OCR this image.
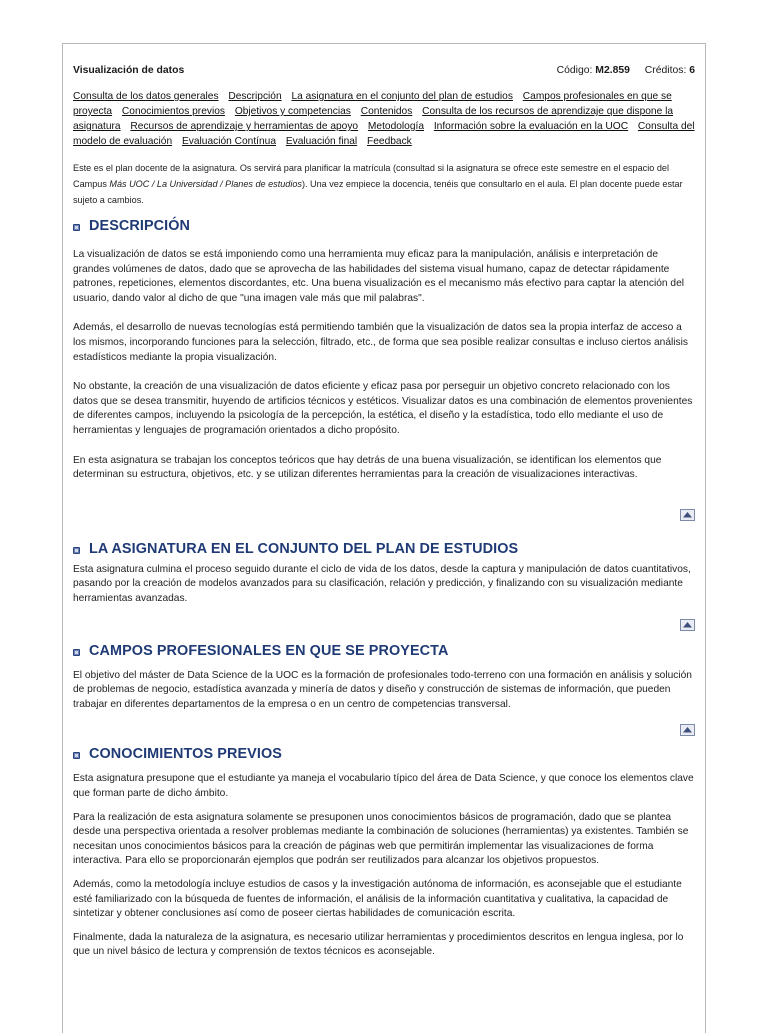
Visualización de datos	Código: M2.859 Créditos: 6
Consulta de los datos generales Descripción La asignatura en el conjunto del plan de estudios Campos profesionales en que se proyecta Conocimientos previos Objetivos y competencias Contenidos Consulta de los recursos de aprendizaje que dispone la asignatura Recursos de aprendizaje y herramientas de apoyo Metodología Información sobre la evaluación en la UOC Consulta del modelo de evaluación Evaluación Contínua Evaluación final Feedback

Este es el plan docente de la asignatura. Os servirá para planificar la matrícula (consultad si la asignatura se ofrece este semestre en el espacio del Campus Más UOC / La Universidad / Planes de estudios). Una vez empiece la docencia, tenéis que consultarlo en el aula. El plan docente puede estar sujeto a cambios.

DESCRIPCIÓN

La visualización de datos se está imponiendo como una herramienta muy eficaz para la manipulación, análisis e interpretación de grandes volúmenes de datos, dado que se aprovecha de las habilidades del sistema visual humano, capaz de detectar rápidamente patrones, repeticiones, elementos discordantes, etc. Una buena visualización es el mecanismo más efectivo para captar la atención del usuario, dando valor al dicho de que "una imagen vale más que mil palabras".

Además, el desarrollo de nuevas tecnologías está permitiendo también que la visualización de datos sea la propia interfaz de acceso a los mismos, incorporando funciones para la selección, filtrado, etc., de forma que sea posible realizar consultas e incluso ciertos análisis estadísticos mediante la propia visualización.

No obstante, la creación de una visualización de datos eficiente y eficaz pasa por perseguir un objetivo concreto relacionado con los datos que se desea transmitir, huyendo de artificios técnicos y estéticos. Visualizar datos es una combinación de elementos provenientes de diferentes campos, incluyendo la psicología de la percepción, la estética, el diseño y la estadística, todo ello mediante el uso de herramientas y lenguajes de programación orientados a dicho propósito.

En esta asignatura se trabajan los conceptos teóricos que hay detrás de una buena visualización, se identifican los elementos que determinan su estructura, objetivos, etc. y se utilizan diferentes herramientas para la creación de visualizaciones interactivas.

LA ASIGNATURA EN EL CONJUNTO DEL PLAN DE ESTUDIOS

Esta asignatura culmina el proceso seguido durante el ciclo de vida de los datos, desde la captura y manipulación de datos cuantitativos, pasando por la creación de modelos avanzados para su clasificación, relación y predicción, y finalizando con su visualización mediante herramientas avanzadas.

CAMPOS PROFESIONALES EN QUE SE PROYECTA

El objetivo del máster de Data Science de la UOC es la formación de profesionales todo-terreno con una formación en análisis y solución de problemas de negocio, estadística avanzada y minería de datos y diseño y construcción de sistemas de información, que pueden trabajar en diferentes departamentos de la empresa o en un centro de competencias transversal.

CONOCIMIENTOS PREVIOS

Esta asignatura presupone que el estudiante ya maneja el vocabulario típico del área de Data Science, y que conoce los elementos clave que forman parte de dicho ámbito.

Para la realización de esta asignatura solamente se presuponen unos conocimientos básicos de programación, dado que se plantea desde una perspectiva orientada a resolver problemas mediante la combinación de soluciones (herramientas) ya existentes. También se necesitan unos conocimientos básicos para la creación de páginas web que permitirán implementar las visualizaciones de forma interactiva. Para ello se proporcionarán ejemplos que podrán ser reutilizados para alcanzar los objetivos propuestos.

Además, como la metodología incluye estudios de casos y la investigación autónoma de información, es aconsejable que el estudiante esté familiarizado con la búsqueda de fuentes de información, el análisis de la información cuantitativa y cualitativa, la capacidad de sintetizar y obtener conclusiones así como de poseer ciertas habilidades de comunicación escrita.

Finalmente, dada la naturaleza de la asignatura, es necesario utilizar herramientas y procedimientos descritos en lengua inglesa, por lo que un nivel básico de lectura y comprensión de textos técnicos es aconsejable.
